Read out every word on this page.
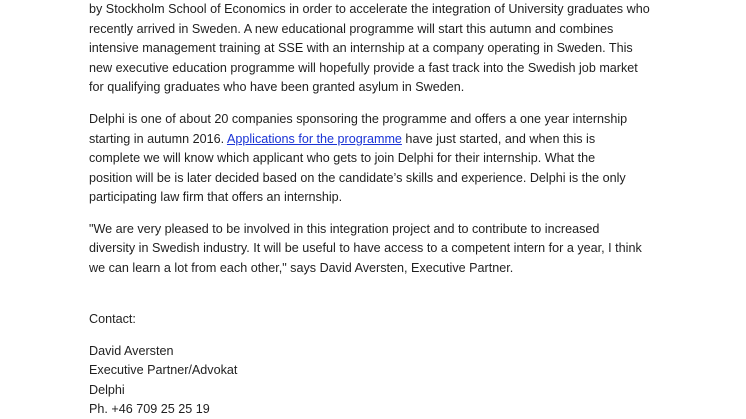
by Stockholm School of Economics in order to accelerate the integration of University graduates who
recently arrived in Sweden. A new educational programme will start this autumn and combines
intensive management training at SSE with an internship at a company operating in Sweden. This
new executive education programme will hopefully provide a fast track into the Swedish job market
for qualifying graduates who have been granted asylum in Sweden.
Delphi is one of about 20 companies sponsoring the programme and offers a one year internship
starting in autumn 2016. Applications for the programme have just started, and when this is
complete we will know which applicant who gets to join Delphi for their internship. What the
position will be is later decided based on the candidate’s skills and experience. Delphi is the only
participating law firm that offers an internship.
"We are very pleased to be involved in this integration project and to contribute to increased
diversity in Swedish industry. It will be useful to have access to a competent intern for a year, I think
we can learn a lot from each other," says David Aversten, Executive Partner.
Contact:
David Aversten
Executive Partner/Advokat
Delphi
Ph. +46 709 25 25 19
